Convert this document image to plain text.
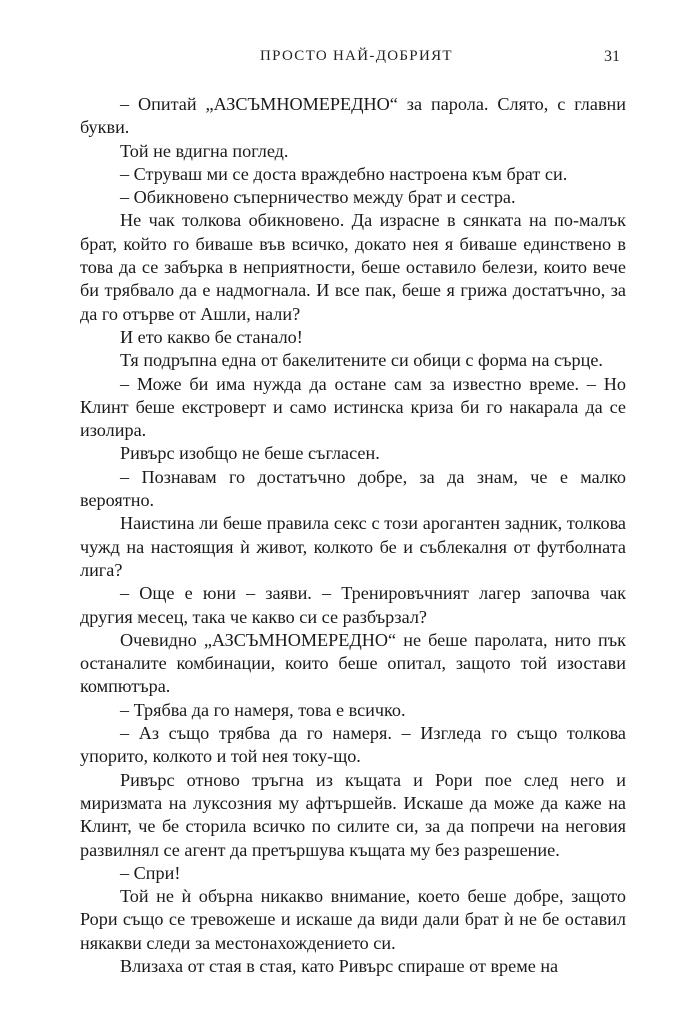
ПРОСТО НАЙ-ДОБРИЯТ	31

– Опитай „АЗСЪМНОМЕРЕДНО“ за парола. Слято, с главни букви.

Той не вдигна поглед.

– Струваш ми се доста враждебно настроена към брат си.

– Обикновено съперничество между брат и сестра.

Не чак толкова обикновено. Да израсне в сянката на по-малък брат, който го биваше във всичко, докато нея я биваше единствено в това да се забърка в неприятности, беше оставило белези, които вече би трябвало да е надмогнала. И все пак, беше я грижа достатъчно, за да го отърве от Ашли, нали?

И ето какво бе станало!

Тя подръпна една от бакелитените си обици с форма на сърце.

– Може би има нужда да остане сам за известно време. – Но Клинт беше екстроверт и само истинска криза би го накарала да се изолира.

Ривърс изобщо не беше съгласен.

– Познавам го достатъчно добре, за да знам, че е малко вероятно.

Наистина ли беше правила секс с този арогантен задник, толкова чужд на настоящия ѝ живот, колкото бе и съблекалня от футболната лига?

– Още е юни – заяви. – Тренировъчният лагер започва чак другия месец, така че какво си се разбързал?

Очевидно „АЗСЪМНОМЕРЕДНО“ не беше паролата, нито пък останалите комбинации, които беше опитал, защото той изостави компютъра.

– Трябва да го намеря, това е всичко.

– Аз също трябва да го намеря. – Изгледа го също толкова упорито, колкото и той нея току-що.

Ривърс отново тръгна из къщата и Рори пое след него и миризмата на луксозния му афтършейв. Искаше да може да каже на Клинт, че бе сторила всичко по силите си, за да попречи на неговия развилнял се агент да претършува къщата му без разрешение.

– Спри!

Той не ѝ обърна никакво внимание, което беше добре, защото Рори също се тревожеше и искаше да види дали брат ѝ не бе оставил някакви следи за местонахождението си.

Влизаха от стая в стая, като Ривърс спираше от време на
